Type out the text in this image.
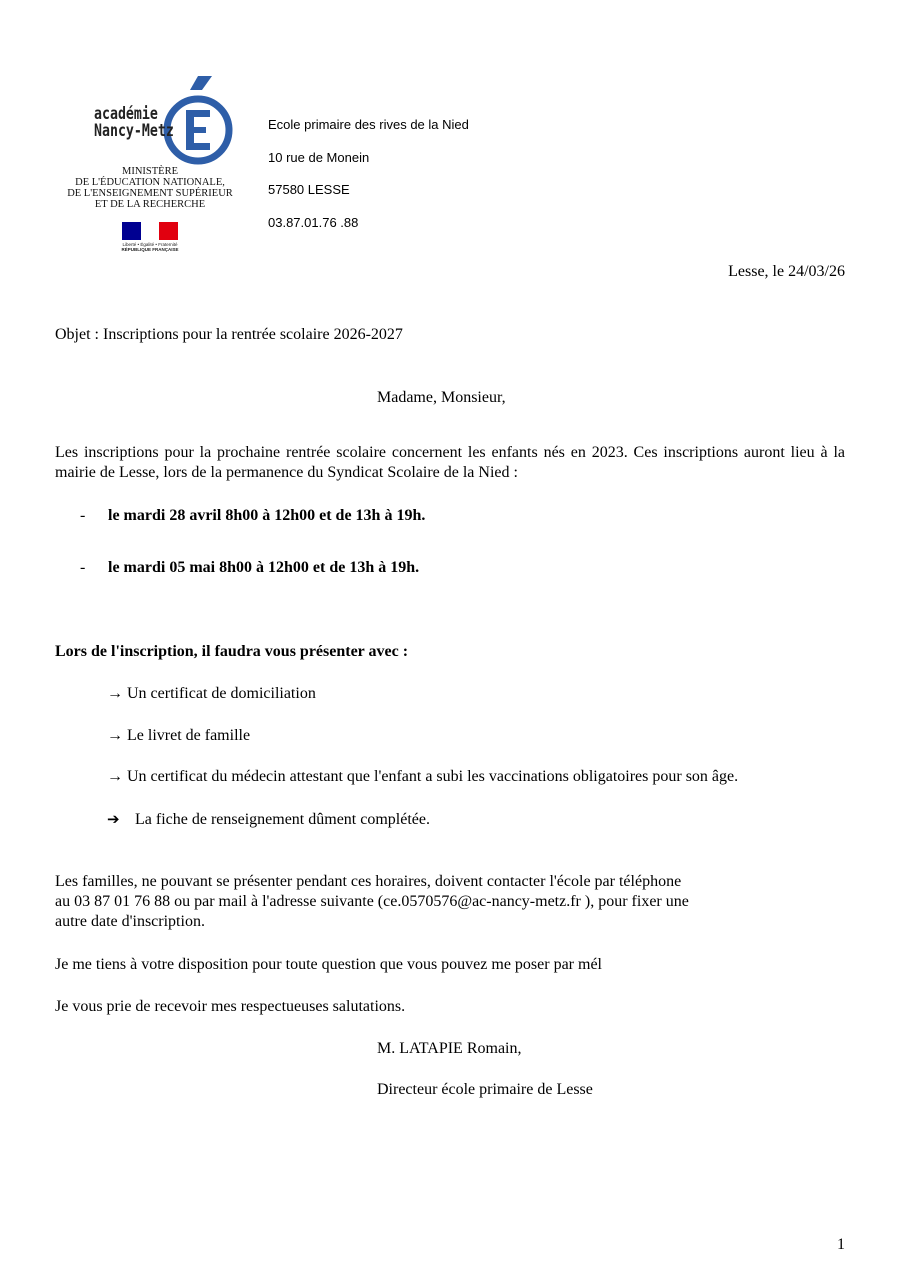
académie
Nancy-Metz
MINISTÈRE
DE L'ÉDUCATION NATIONALE,
DE L'ENSEIGNEMENT SUPÉRIEUR
ET DE LA RECHERCHE
Liberté • Égalité • Fraternité
RÉPUBLIQUE FRANÇAISE
Ecole primaire des rives de la Nied
10 rue de Monein
57580 LESSE
03.87.01.76 .88
Lesse, le 24/03/26
Objet : Inscriptions pour la rentrée scolaire 2026-2027
Madame, Monsieur,
Les inscriptions pour la prochaine rentrée scolaire concernent les enfants nés en 2023. Ces inscriptions auront lieu à la mairie de Lesse, lors de la permanence du Syndicat Scolaire de la Nied :
- le mardi 28 avril 8h00 à 12h00 et de 13h à 19h.
- le mardi 05 mai 8h00 à 12h00 et de 13h à 19h.
Lors de l'inscription, il faudra vous présenter avec :
→ Un certificat de domiciliation
→ Le livret de famille
→ Un certificat du médecin attestant que l'enfant a subi les vaccinations obligatoires pour son âge.
➔ La fiche de renseignement dûment complétée.
Les familles, ne pouvant se présenter pendant ces horaires, doivent contacter l'école par téléphone
au 03 87 01 76 88 ou par mail à l'adresse suivante (ce.0570576@ac-nancy-metz.fr ), pour fixer une
autre date d'inscription.
Je me tiens à votre disposition pour toute question que vous pouvez me poser par mél
Je vous prie de recevoir mes respectueuses salutations.
M. LATAPIE Romain,
Directeur école primaire de Lesse
1
